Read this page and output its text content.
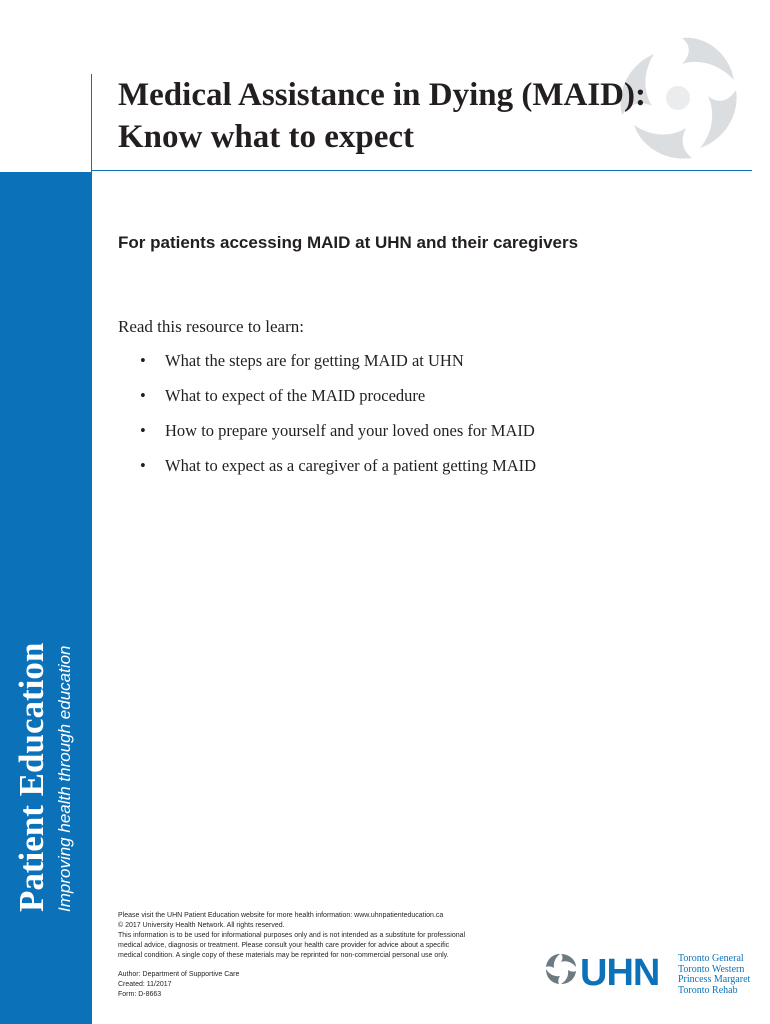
Medical Assistance in Dying (MAID):
Know what to expect
Patient Education Improving health through education
For patients accessing MAID at UHN and their caregivers

Read this resource to learn:

• What the steps are for getting MAID at UHN
• What to expect of the MAID procedure
• How to prepare yourself and your loved ones for MAID
• What to expect as a caregiver of a patient getting MAID

Please visit the UHN Patient Education website for more health information: www.uhnpatienteducation.ca

© 2017 University Health Network. All rights reserved.

This information is to be used for informational purposes only and is not intended as a substitute for professional

medical advice, diagnosis or treatment. Please consult your health care provider for advice about a specific

medical condition. A single copy of these materials may be reprinted for non-commercial personal use only.

Author: Department of Supportive Care

Created: 11/2017

Form: D-8663

UHN Toronto General
Toronto Western
Princess Margaret
Toronto Rehab
